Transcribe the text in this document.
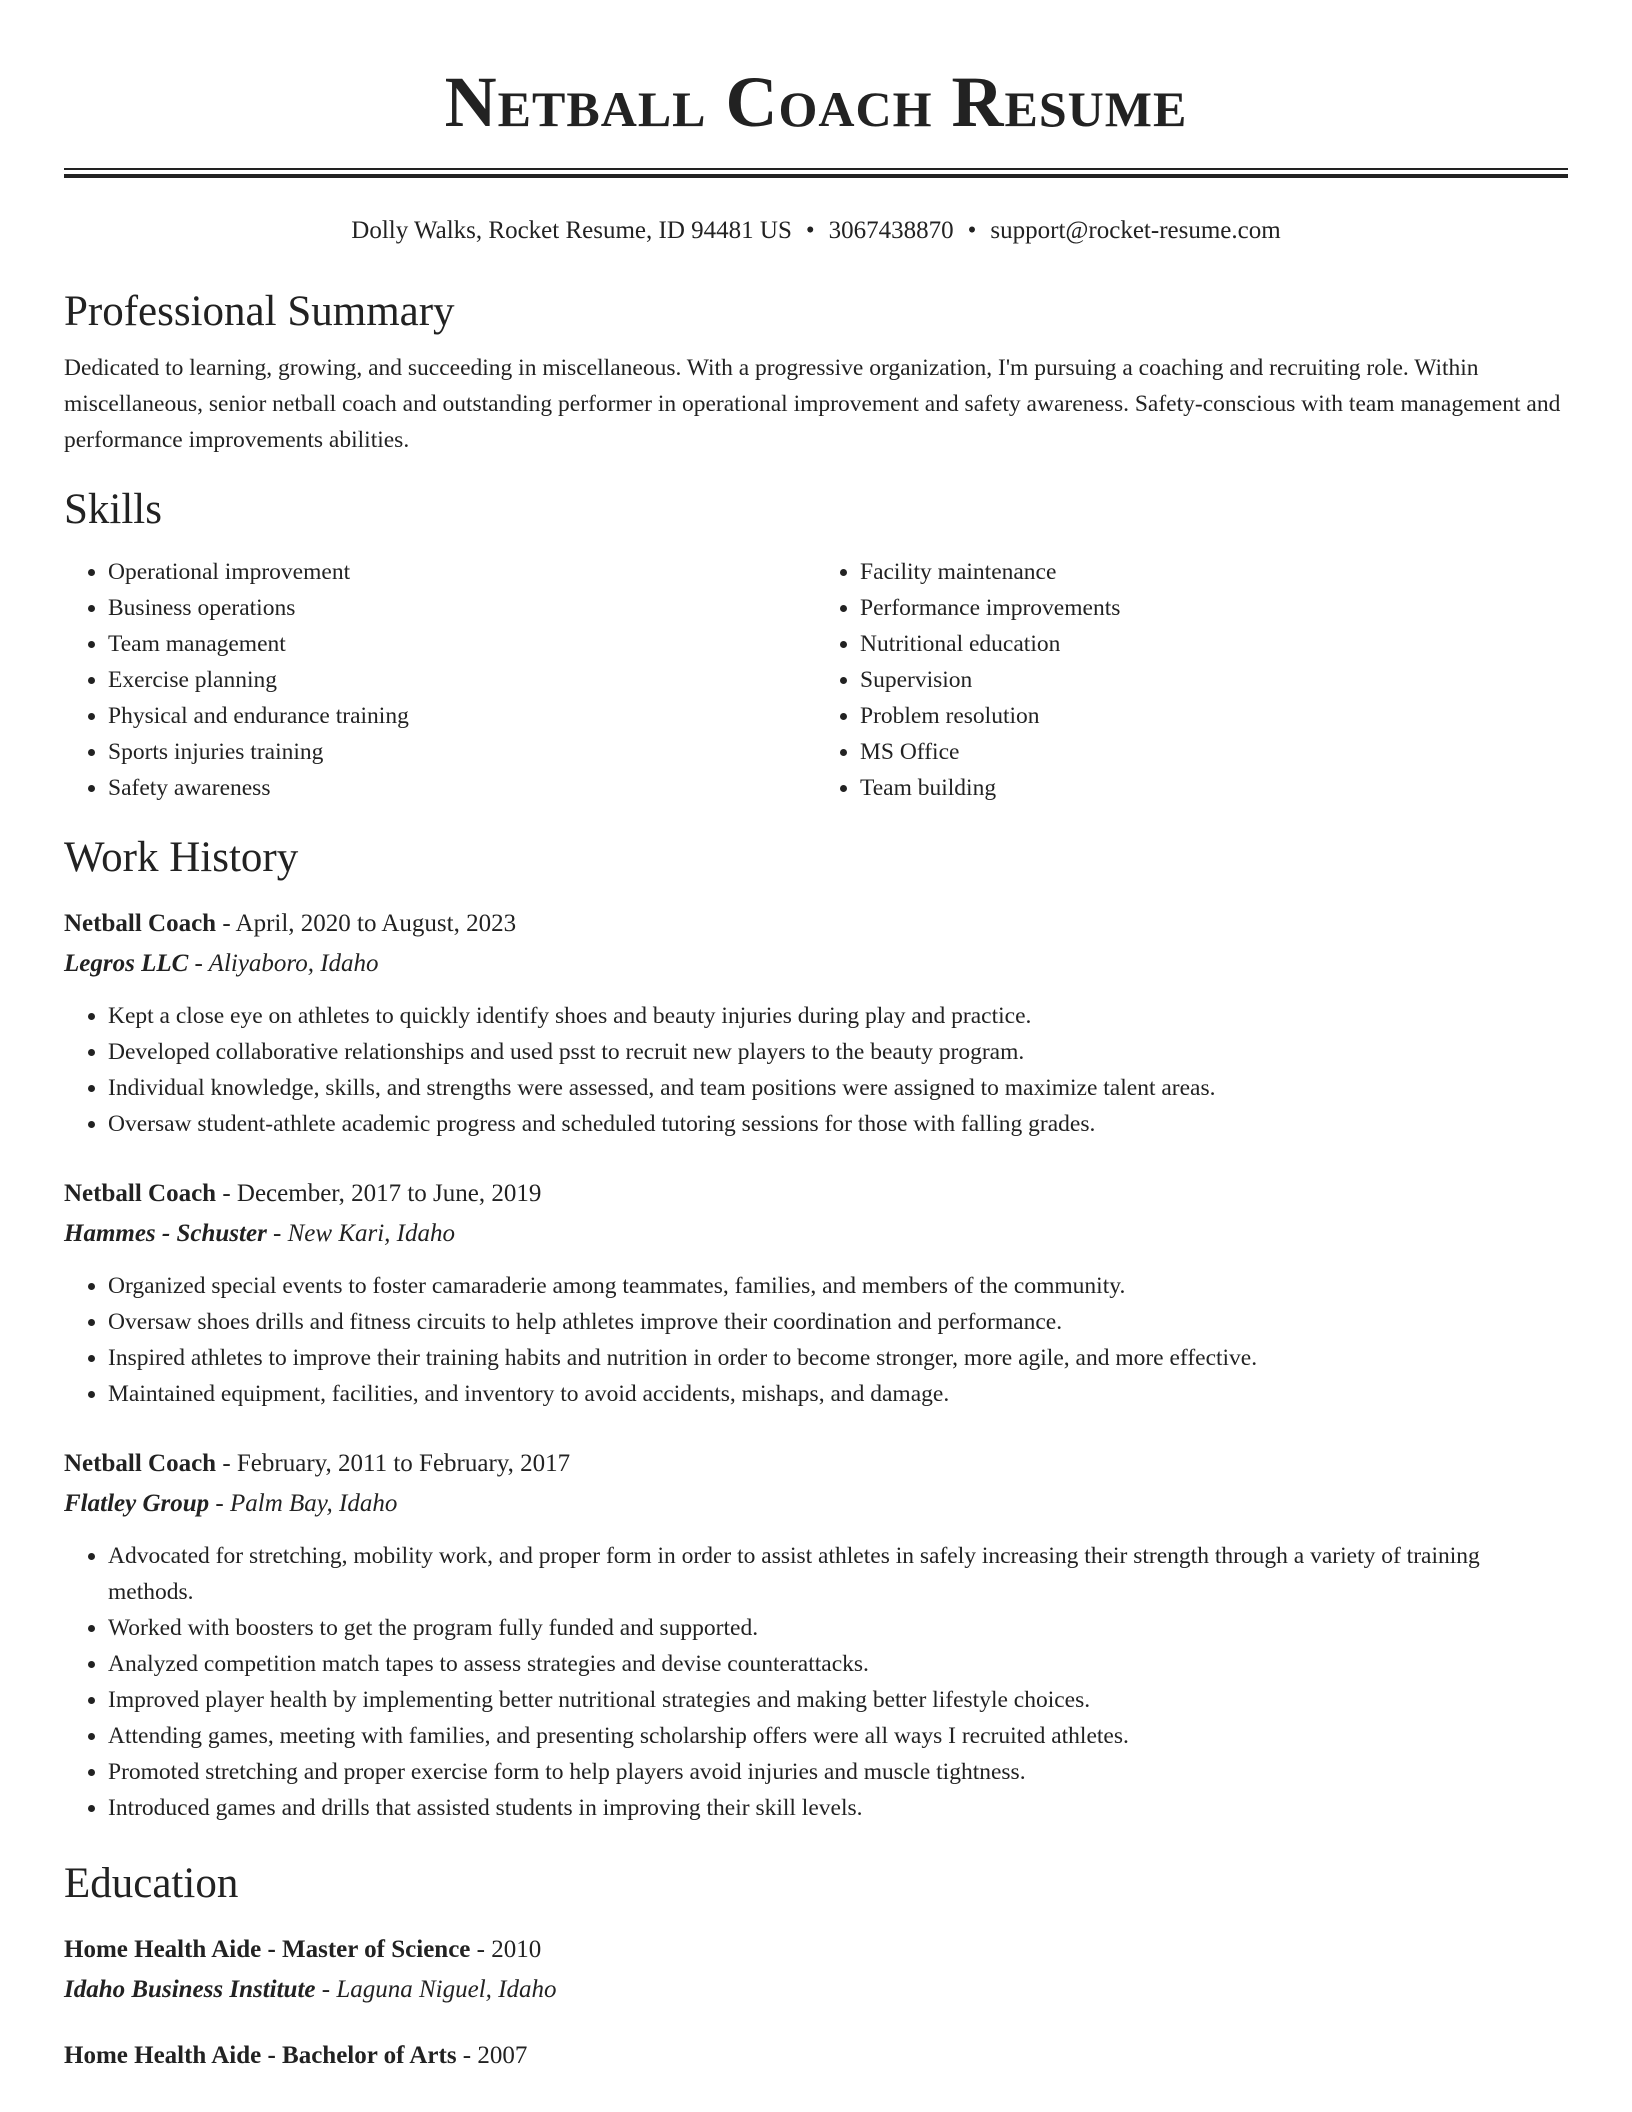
Netball Coach Resume
Dolly Walks, Rocket Resume, ID 94481 US • 3067438870 • support@rocket-resume.com
Professional Summary

Dedicated to learning, growing, and succeeding in miscellaneous. With a progressive organization, I'm pursuing a coaching and recruiting role. Within miscellaneous, senior netball coach and outstanding performer in operational improvement and safety awareness. Safety-conscious with team management and performance improvements abilities.

Skills
• Operational improvement
• Business operations
• Team management
• Exercise planning
• Physical and endurance training
• Sports injuries training
• Safety awareness
• Facility maintenance
• Performance improvements
• Nutritional education
• Supervision
• Problem resolution
• MS Office
• Team building
Work History
Netball Coach - April, 2020 to August, 2023
Legros LLC - Aliyaboro, Idaho
• Kept a close eye on athletes to quickly identify shoes and beauty injuries during play and practice.
• Developed collaborative relationships and used psst to recruit new players to the beauty program.
• Individual knowledge, skills, and strengths were assessed, and team positions were assigned to maximize talent areas.
• Oversaw student-athlete academic progress and scheduled tutoring sessions for those with falling grades.
Netball Coach - December, 2017 to June, 2019
Hammes - Schuster - New Kari, Idaho
• Organized special events to foster camaraderie among teammates, families, and members of the community.
• Oversaw shoes drills and fitness circuits to help athletes improve their coordination and performance.
• Inspired athletes to improve their training habits and nutrition in order to become stronger, more agile, and more effective.
• Maintained equipment, facilities, and inventory to avoid accidents, mishaps, and damage.
Netball Coach - February, 2011 to February, 2017
Flatley Group - Palm Bay, Idaho
• Advocated for stretching, mobility work, and proper form in order to assist athletes in safely increasing their strength through a variety of training methods.
• Worked with boosters to get the program fully funded and supported.
• Analyzed competition match tapes to assess strategies and devise counterattacks.
• Improved player health by implementing better nutritional strategies and making better lifestyle choices.
• Attending games, meeting with families, and presenting scholarship offers were all ways I recruited athletes.
• Promoted stretching and proper exercise form to help players avoid injuries and muscle tightness.
• Introduced games and drills that assisted students in improving their skill levels.
Education
Home Health Aide - Master of Science - 2010
Idaho Business Institute - Laguna Niguel, Idaho
Home Health Aide - Bachelor of Arts - 2007
